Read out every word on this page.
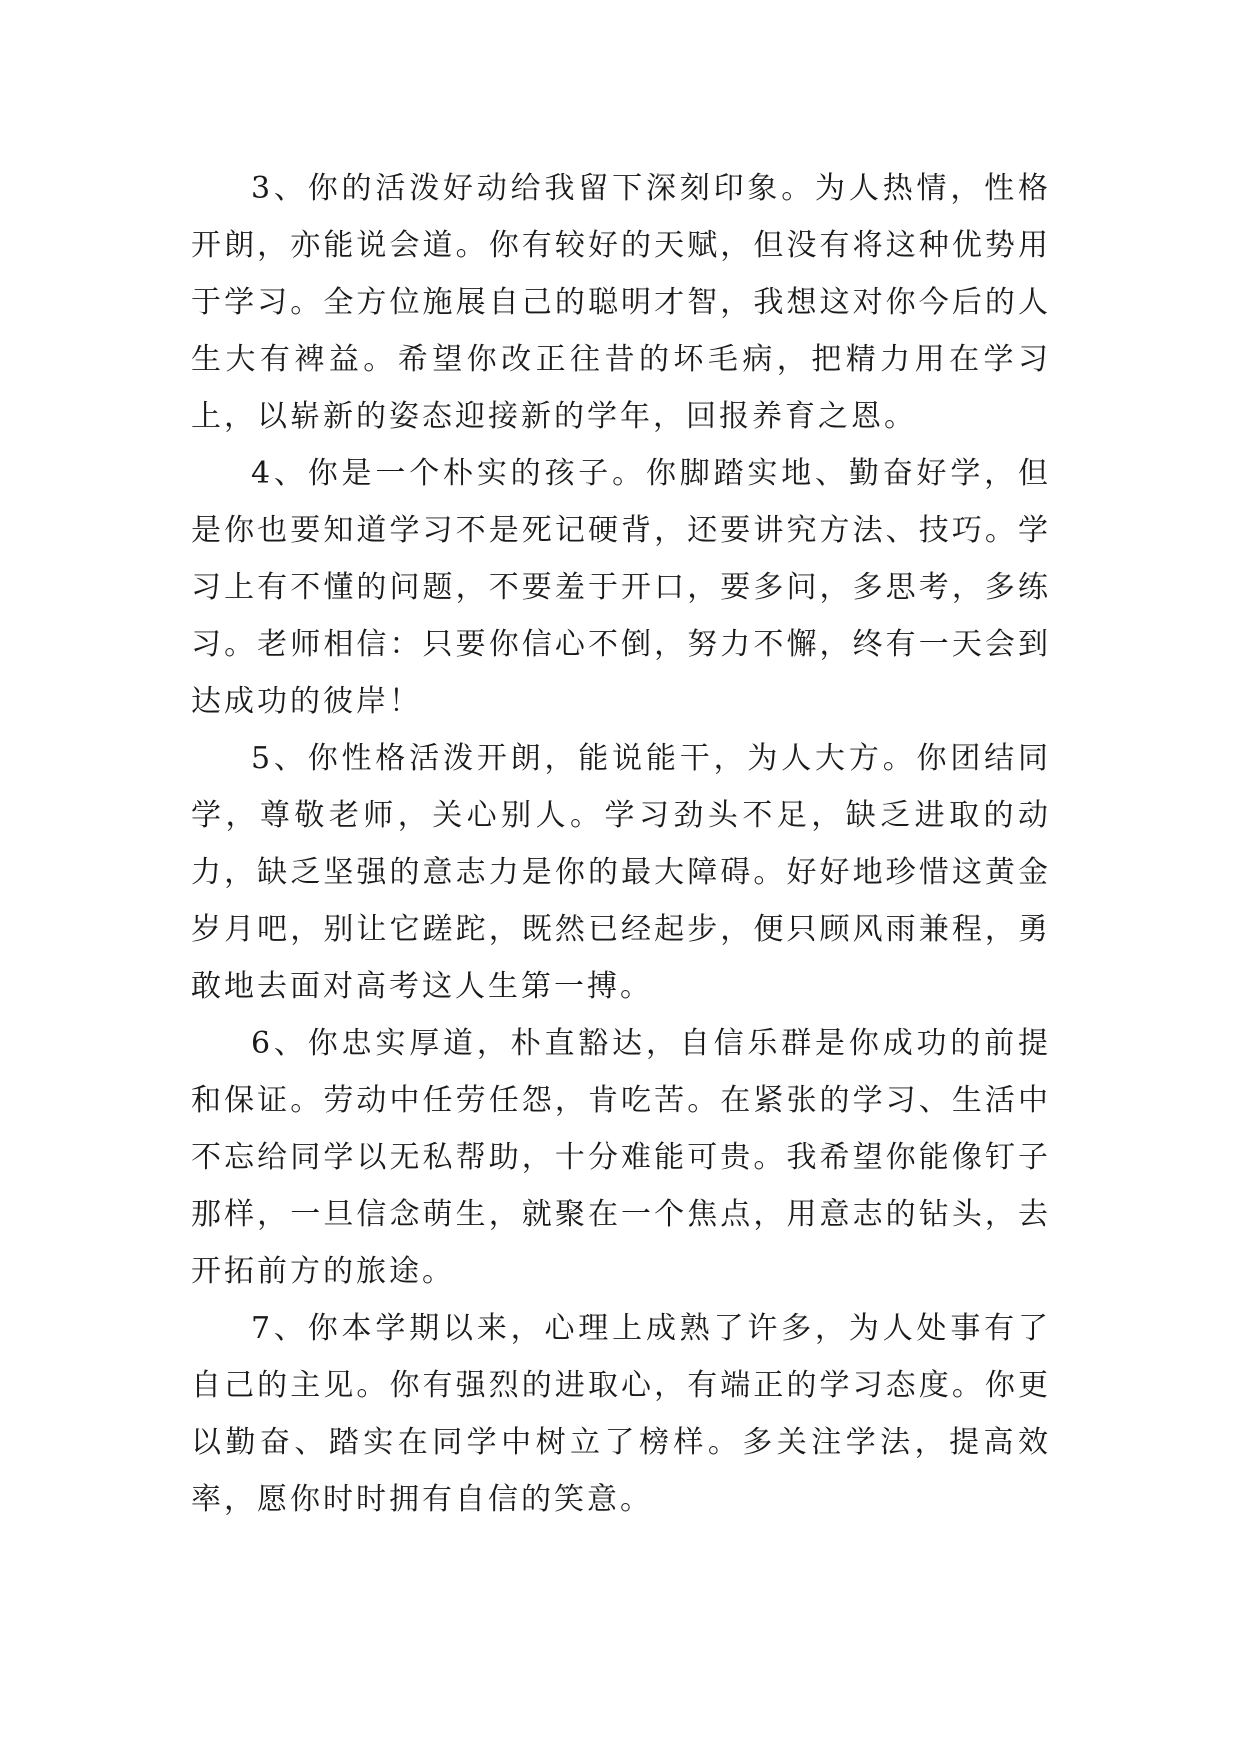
3、你的活泼好动给我留下深刻印象。为人热情，性格开朗，亦能说会道。你有较好的天赋，但没有将这种优势用于学习。全方位施展自己的聪明才智，我想这对你今后的人生大有裨益。希望你改正往昔的坏毛病，把精力用在学习上，以崭新的姿态迎接新的学年，回报养育之恩。

4、你是一个朴实的孩子。你脚踏实地、勤奋好学，但是你也要知道学习不是死记硬背，还要讲究方法、技巧。学习上有不懂的问题，不要羞于开口，要多问，多思考，多练习。老师相信：只要你信心不倒，努力不懈，终有一天会到达成功的彼岸！

5、你性格活泼开朗，能说能干，为人大方。你团结同学，尊敬老师，关心别人。学习劲头不足，缺乏进取的动力，缺乏坚强的意志力是你的最大障碍。好好地珍惜这黄金岁月吧，别让它蹉跎，既然已经起步，便只顾风雨兼程，勇敢地去面对高考这人生第一搏。

6、你忠实厚道，朴直豁达，自信乐群是你成功的前提和保证。劳动中任劳任怨，肯吃苦。在紧张的学习、生活中不忘给同学以无私帮助，十分难能可贵。我希望你能像钉子那样，一旦信念萌生，就聚在一个焦点，用意志的钻头，去开拓前方的旅途。

7、你本学期以来，心理上成熟了许多，为人处事有了自己的主见。你有强烈的进取心，有端正的学习态度。你更以勤奋、踏实在同学中树立了榜样。多关注学法，提高效率，愿你时时拥有自信的笑意。
